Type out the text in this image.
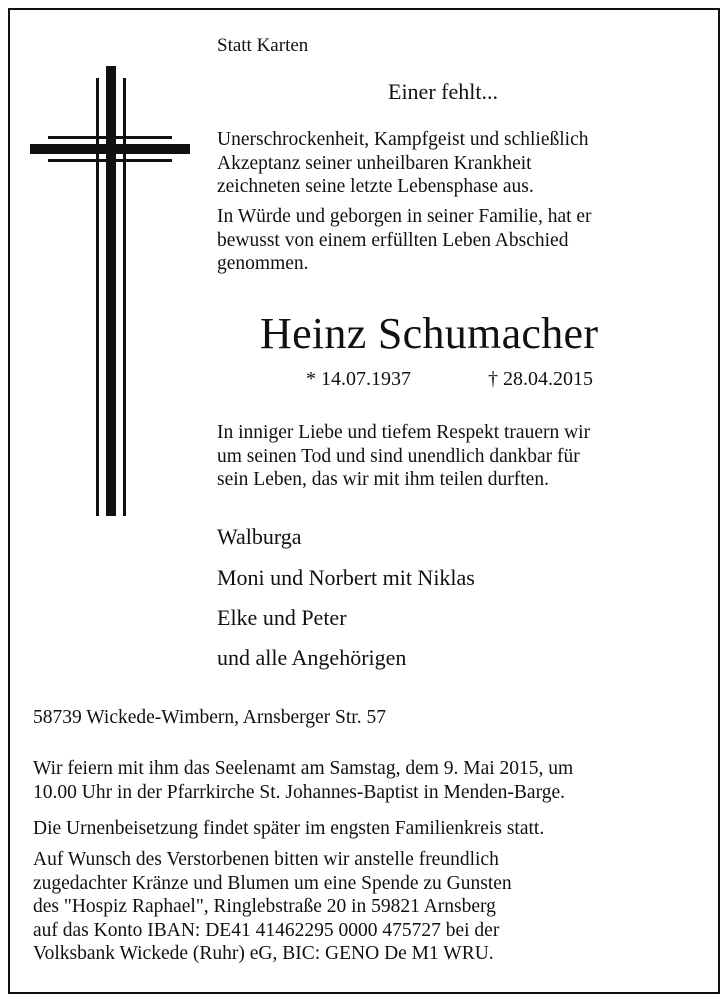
Statt Karten
Einer fehlt...
Unerschrockenheit, Kampfgeist und schließlich
Akzeptanz seiner unheilbaren Krankheit
zeichneten seine letzte Lebensphase aus.
In Würde und geborgen in seiner Familie, hat er
bewusst von einem erfüllten Leben Abschied
genommen.
Heinz Schumacher
* 14.07.1937	† 28.04.2015
In inniger Liebe und tiefem Respekt trauern wir
um seinen Tod und sind unendlich dankbar für
sein Leben, das wir mit ihm teilen durften.
Walburga
Moni und Norbert mit Niklas
Elke und Peter
und alle Angehörigen
58739 Wickede-Wimbern, Arnsberger Str. 57
Wir feiern mit ihm das Seelenamt am Samstag, dem 9. Mai 2015, um
10.00 Uhr in der Pfarrkirche St. Johannes-Baptist in Menden-Barge.
Die Urnenbeisetzung findet später im engsten Familienkreis statt.
Auf Wunsch des Verstorbenen bitten wir anstelle freundlich
zugedachter Kränze und Blumen um eine Spende zu Gunsten
des "Hospiz Raphael", Ringlebstraße 20 in 59821 Arnsberg
auf das Konto IBAN: DE41 41462295 0000 475727 bei der
Volksbank Wickede (Ruhr) eG, BIC: GENO De M1 WRU.
